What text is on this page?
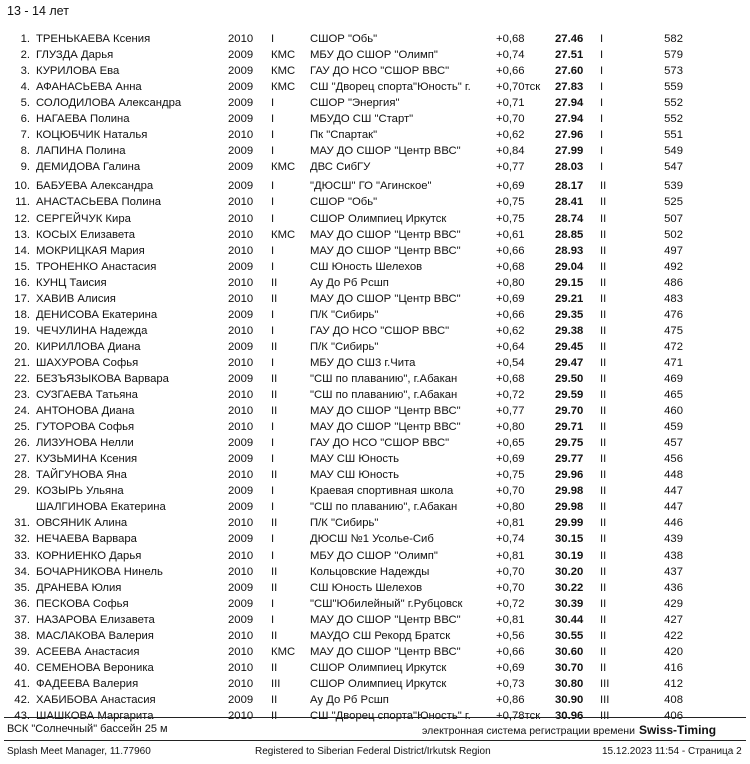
13 - 14 лет
1. ТРЕНЬКАЕВА Ксения	2010 I	СШОР "Обь"	+0,68	27.46 I	582
2. ГЛУЗДА Дарья	2009 КМС МБУ ДО СШОР "Олимп"	+0,74	27.51 I	579
3. КУРИЛОВА Ева	2009 КМС ГАУ ДО НСО "СШОР ВВС"	+0,66	27.60 I	573
4. АФАНАСЬЕВА Анна	2009 КМС СШ "Дворец спорта"Юность" г.	+0,70тск 27.83 I	559
5. СОЛОДИЛОВА Александра	2009 I	СШОР "Энергия"	+0,71	27.94 I	552
6. НАГАЕВА Полина	2009 I	МБУДО СШ "Старт"	+0,70	27.94 I	552
7. КОЦЮБЧИК Наталья	2010 I	Пк "Спартак"	+0,62	27.96 I	551
8. ЛАПИНА Полина	2009 I	МАУ ДО СШОР "Центр ВВС"	+0,84	27.99 I	549
9. ДЕМИДОВА Галина	2009 КМС ДВС СибГУ	+0,77	28.03 I	547
10. БАБУЕВА Александра	2009 I	"ДЮСШ" ГО "Агинское"	+0,69	28.17 II	539
11. АНАСТАСЬЕВА Полина	2010 I	СШОР "Обь"	+0,75	28.41 II	525
12. СЕРГЕЙЧУК Кира	2010 I	СШОР Олимпиец Иркутск	+0,75	28.74 II	507
13. КОСЫХ Елизавета	2010 КМС МАУ ДО СШОР "Центр ВВС"	+0,61	28.85 II	502
14. МОКРИЦКАЯ Мария	2010 I	МАУ ДО СШОР "Центр ВВС"	+0,66	28.93 II	497
15. ТРОНЕНКО Анастасия	2009 I	СШ Юность Шелехов	+0,68	29.04 II	492
16. КУНЦ Таисия	2010 II	Ау До Рб Рсшп	+0,80	29.15 II	486
17. ХАВИВ Алисия	2010 II	МАУ ДО СШОР "Центр ВВС"	+0,69	29.21 II	483
18. ДЕНИСОВА Екатерина	2009 I	П/К "Сибирь"	+0,66	29.35 II	476
19. ЧЕЧУЛИНА Надежда	2010 I	ГАУ ДО НСО "СШОР ВВС"	+0,62	29.38 II	475
20. КИРИЛЛОВА Диана	2009 II	П/К "Сибирь"	+0,64	29.45 II	472
21. ШАХУРОВА Софья	2010 I	МБУ ДО СШ3 г.Чита	+0,54	29.47 II	471
22. БЕЗЪЯЗЫКОВА Варвара	2009 II	"СШ по плаванию", г.Абакан	+0,68	29.50 II	469
23. СУЗГАЕВА Татьяна	2010 II	"СШ по плаванию", г.Абакан	+0,72	29.59 II	465
24. АНТОНОВА Диана	2010 II	МАУ ДО СШОР "Центр ВВС"	+0,77	29.70 II	460
25. ГУТОРОВА Софья	2010 I	МАУ ДО СШОР "Центр ВВС"	+0,80	29.71 II	459
26. ЛИЗУНОВА Нелли	2009 I	ГАУ ДО НСО "СШОР ВВС"	+0,65	29.75 II	457
27. КУЗЬМИНА Ксения	2009 I	МАУ СШ Юность	+0,69	29.77 II	456
28. ТАЙГУНОВА Яна	2010 II	МАУ СШ Юность	+0,75	29.96 II	448
29. КОЗЫРЬ Ульяна	2009 I	Краевая спортивная школа	+0,70	29.98 II	447
ШАЛГИНОВА Екатерина	2009 I	"СШ по плаванию", г.Абакан	+0,80	29.98 II	447
31. ОВСЯНИК Алина	2010 II	П/К "Сибирь"	+0,81	29.99 II	446
32. НЕЧАЕВА Варвара	2009 I	ДЮСШ №1 Усолье-Сиб	+0,74	30.15 II	439
33. КОРНИЕНКО Дарья	2010 I	МБУ ДО СШОР "Олимп"	+0,81	30.19 II	438
34. БОЧАРНИКОВА Нинель	2010 II	Кольцовские Надежды	+0,70	30.20 II	437
35. ДРАНЕВА Юлия	2009 II	СШ Юность Шелехов	+0,70	30.22 II	436
36. ПЕСКОВА Софья	2009 I	"СШ"Юбилейный" г.Рубцовск	+0,72	30.39 II	429
37. НАЗАРОВА Елизавета	2009 I	МАУ ДО СШОР "Центр ВВС"	+0,81	30.44 II	427
38. МАСЛАКОВА Валерия	2010 II	МАУДО СШ Рекорд Братск	+0,56	30.55 II	422
39. АСЕЕВА Анастасия	2010 КМС МАУ ДО СШОР "Центр ВВС"	+0,66	30.60 II	420
40. СЕМЕНОВА Вероника	2010 II	СШОР Олимпиец Иркутск	+0,69	30.70 II	416
41. ФАДЕЕВА Валерия	2010 III	СШОР Олимпиец Иркутск	+0,73	30.80 III	412
42. ХАБИБОВА Анастасия	2009 II	Ау До Рб Рсшп	+0,86	30.90 III	408
43. ШАШКОВА Маргарита	2010 II	СШ "Дворец спорта"Юность" г.	+0,78тск 30.96 III	406
ВСК "Солнечный" бассейн 25 м	электронная система регистрации времени Swiss-Timing
Splash Meet Manager, 11.77960	Registered to Siberian Federal District/Irkutsk Region	15.12.2023 11:54 - Страница 2
